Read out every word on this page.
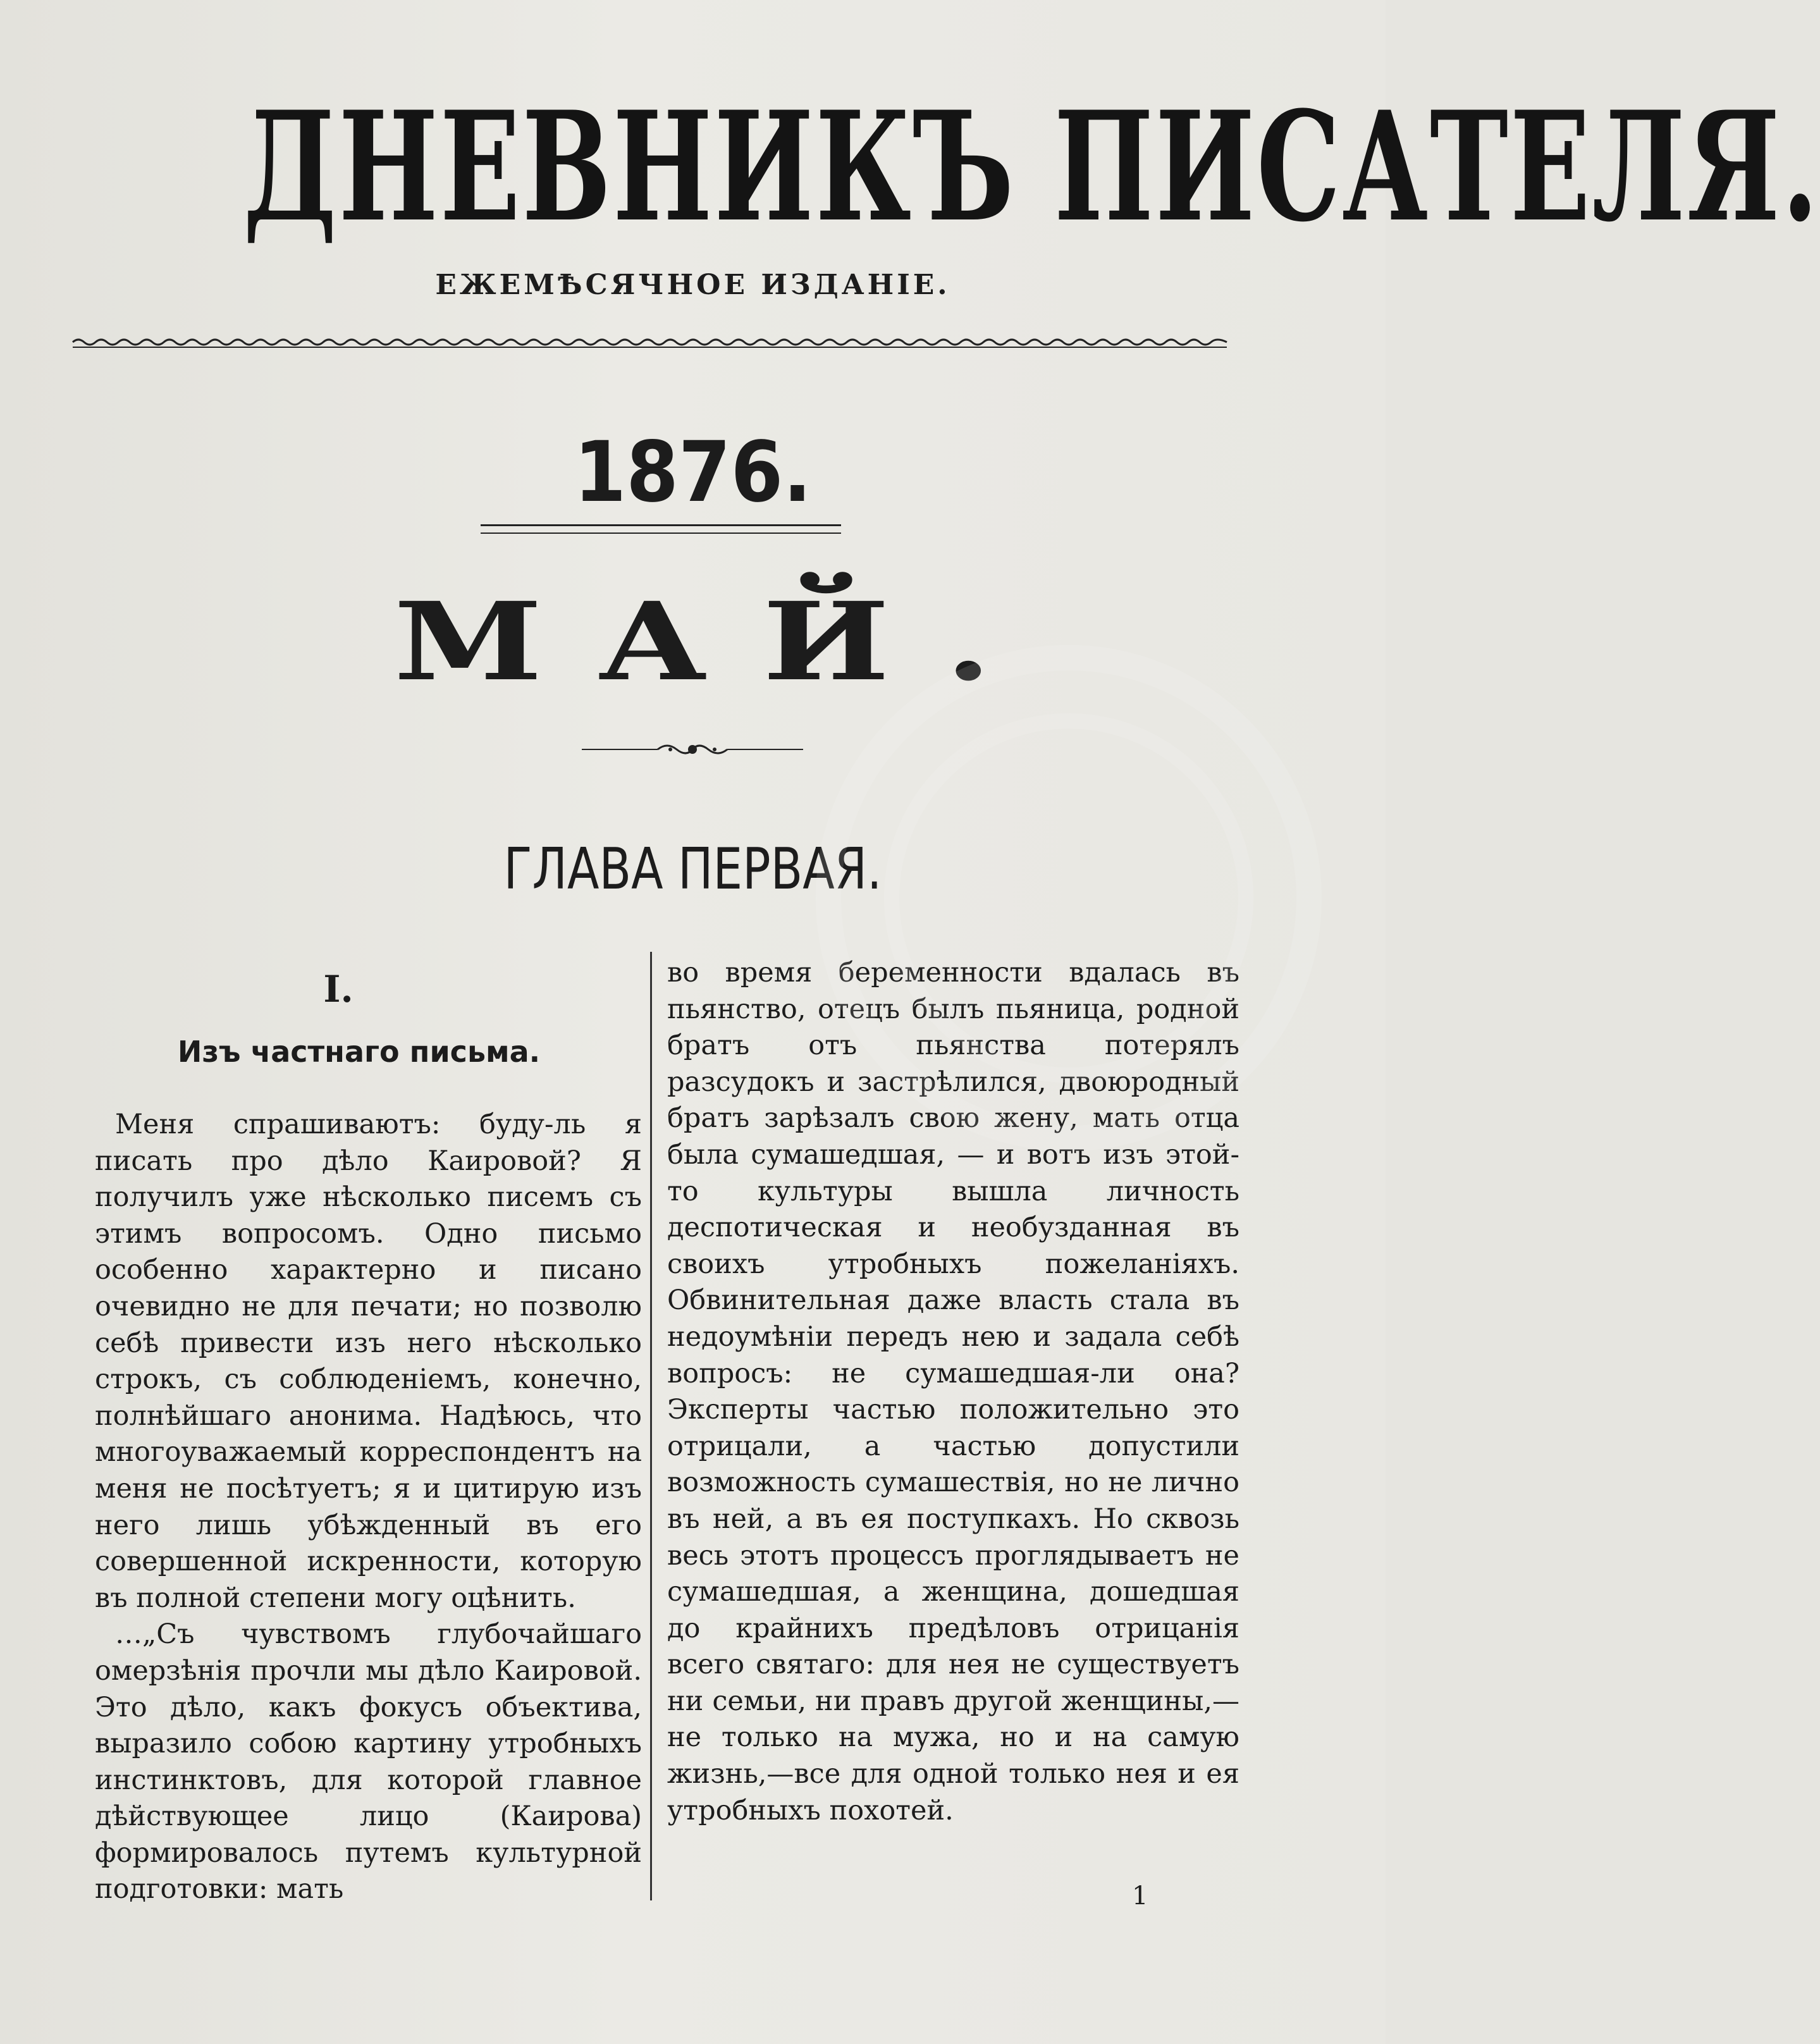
ДНЕВНИКЪ ПИСАТЕЛЯ.
ЕЖЕМѢСЯЧНОЕ ИЗДАНІЕ.
1876.
МАЙ.
ГЛАВА ПЕРВАЯ.
I.
Изъ частнаго письма.

Меня спрашиваютъ: буду-ль я писать про дѣло Каировой? Я получилъ уже нѣсколько писемъ съ этимъ вопросомъ. Одно письмо особенно характерно и писано очевидно не для печати; но позволю себѣ привести изъ него нѣсколько строкъ, съ соблюденіемъ, конечно, полнѣйшаго анонима. Надѣюсь, что многоуважаемый корреспондентъ на меня не посѣтуетъ; я и цитирую изъ него лишь убѣжденный въ его совершенной искренности, которую въ полной степени могу оцѣнить.

…„Съ чувствомъ глубочайшаго омерзѣнія прочли мы дѣло Каировой. Это дѣло, какъ фокусъ объектива, выразило собою картину утробныхъ инстинктовъ, для которой главное дѣйствующее лицо (Каирова) формировалось путемъ культурной подготовки: мать

во время беременности вдалась въ пьянство, отецъ былъ пьяница, родной братъ отъ пьянства потерялъ разсудокъ и застрѣлился, двоюродный братъ зарѣзалъ свою жену, мать отца была сумашедшая, — и вотъ изъ этой-то культуры вышла личность деспотическая и необузданная въ своихъ утробныхъ пожеланіяхъ. Обвинительная даже власть стала въ недоумѣніи передъ нею и задала себѣ вопросъ: не сумашедшая-ли она? Эксперты частью положительно это отрицали, а частью допустили возможность сумашествія, но не лично въ ней, а въ ея поступкахъ. Но сквозь весь этотъ процессъ проглядываетъ не сумашедшая, а женщина, дошедшая до крайнихъ предѣловъ отрицанія всего святаго: для нея не существуетъ ни семьи, ни правъ другой женщины,—не только на мужа, но и на самую жизнь,—все для одной только нея и ея утробныхъ похотей.

1
